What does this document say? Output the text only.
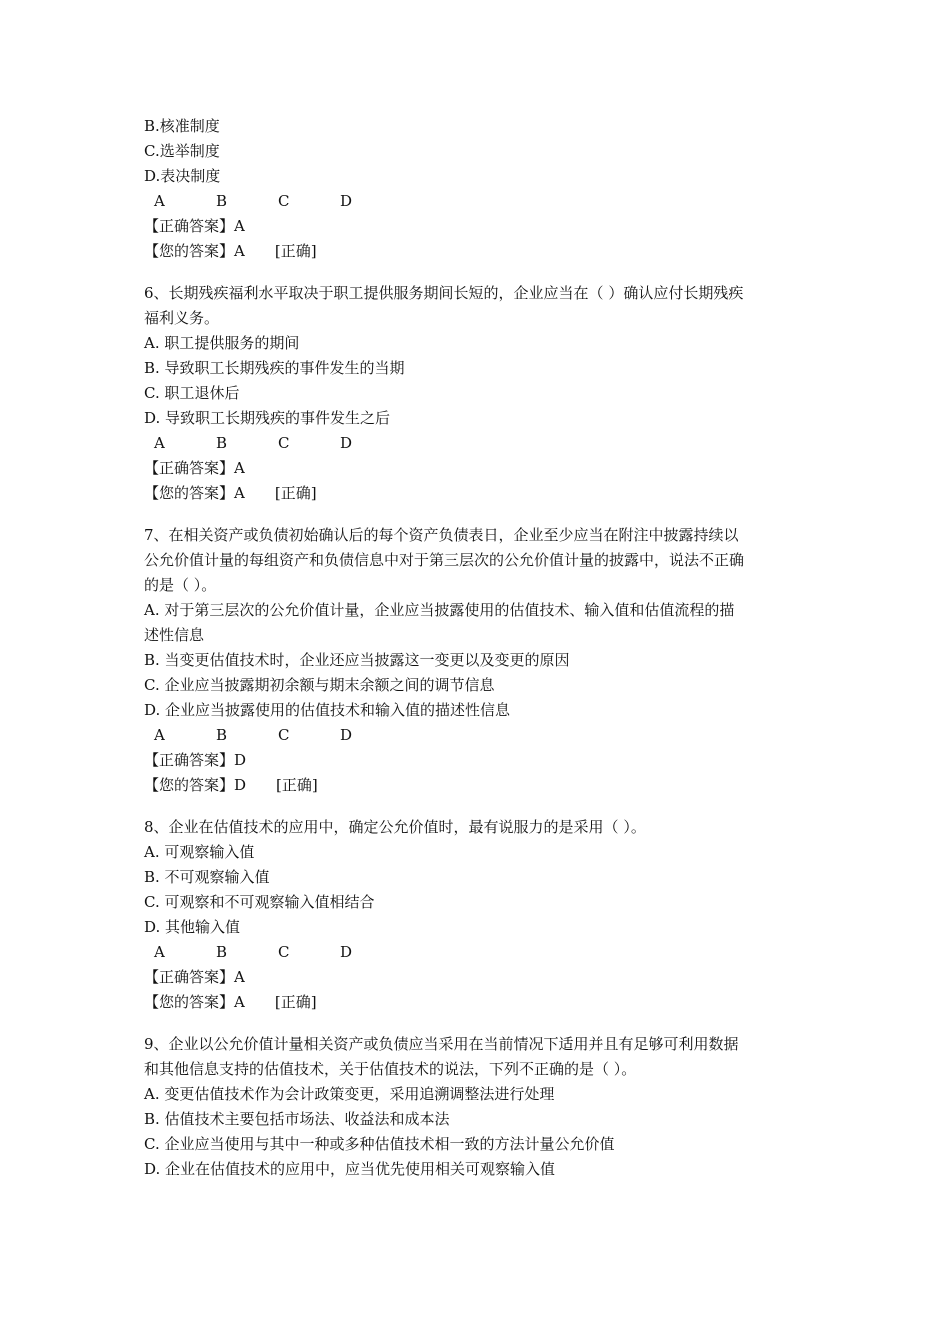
B.核准制度
C.选举制度
D.表决制度
A	B	C	D
【正确答案】A
【您的答案】A [正确]
6、长期残疾福利水平取决于职工提供服务期间长短的，企业应当在（ ）确认应付长期残疾
福利义务。
A. 职工提供服务的期间
B. 导致职工长期残疾的事件发生的当期
C. 职工退休后
D. 导致职工长期残疾的事件发生之后
A	B	C	D
【正确答案】A
【您的答案】A [正确]
7、在相关资产或负债初始确认后的每个资产负债表日，企业至少应当在附注中披露持续以
公允价值计量的每组资产和负债信息中对于第三层次的公允价值计量的披露中，说法不正确
的是（ ）。
A. 对于第三层次的公允价值计量，企业应当披露使用的估值技术、输入值和估值流程的描
述性信息
B. 当变更估值技术时，企业还应当披露这一变更以及变更的原因
C. 企业应当披露期初余额与期末余额之间的调节信息
D. 企业应当披露使用的估值技术和输入值的描述性信息
A	B	C	D
【正确答案】D
【您的答案】D [正确]
8、企业在估值技术的应用中，确定公允价值时，最有说服力的是采用（ ）。
A. 可观察输入值
B. 不可观察输入值
C. 可观察和不可观察输入值相结合
D. 其他输入值
A	B	C	D
【正确答案】A
【您的答案】A [正确]
9、企业以公允价值计量相关资产或负债应当采用在当前情况下适用并且有足够可利用数据
和其他信息支持的估值技术，关于估值技术的说法，下列不正确的是（ ）。
A. 变更估值技术作为会计政策变更，采用追溯调整法进行处理
B. 估值技术主要包括市场法、收益法和成本法
C. 企业应当使用与其中一种或多种估值技术相一致的方法计量公允价值
D. 企业在估值技术的应用中，应当优先使用相关可观察输入值
